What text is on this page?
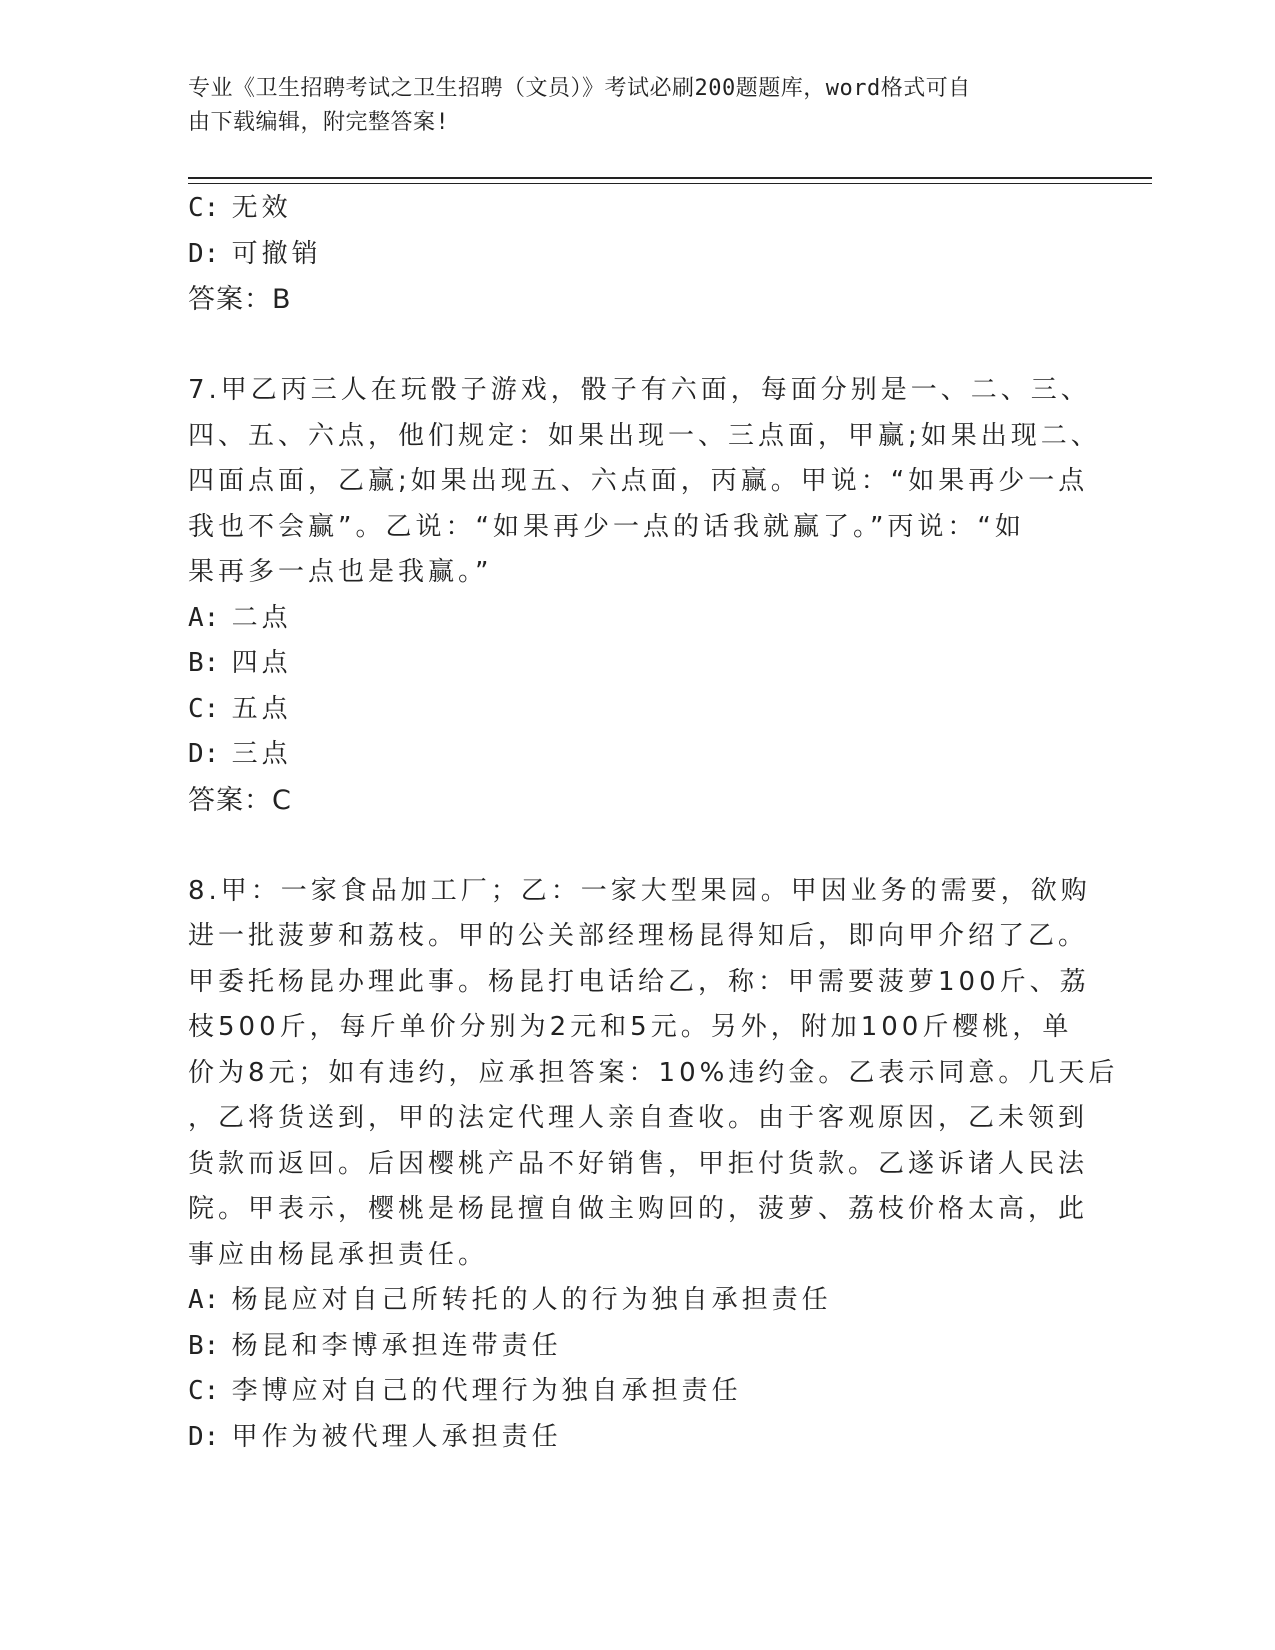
专业《卫生招聘考试之卫生招聘（文员）》考试必刷200题题库，word格式可自
由下载编辑，附完整答案!
C: 无效
D: 可撤销
答案：B
7.甲乙丙三人在玩骰子游戏，骰子有六面，每面分别是一、二、三、
四、五、六点，他们规定：如果出现一、三点面，甲赢;如果出现二、
四面点面，乙赢;如果出现五、六点面，丙赢。甲说：“如果再少一点
我也不会赢”。乙说：“如果再少一点的话我就赢了。”丙说：“如
果再多一点也是我赢。”
A: 二点
B: 四点
C: 五点
D: 三点
答案：C
8.甲：一家食品加工厂；乙：一家大型果园。甲因业务的需要，欲购
进一批菠萝和荔枝。甲的公关部经理杨昆得知后，即向甲介绍了乙。
甲委托杨昆办理此事。杨昆打电话给乙，称：甲需要菠萝100斤、荔
枝500斤，每斤单价分别为2元和5元。另外，附加100斤樱桃，单
价为8元；如有违约，应承担答案：10%违约金。乙表示同意。几天后
，乙将货送到，甲的法定代理人亲自查收。由于客观原因，乙未领到
货款而返回。后因樱桃产品不好销售，甲拒付货款。乙遂诉诸人民法
院。甲表示，樱桃是杨昆擅自做主购回的，菠萝、荔枝价格太高，此
事应由杨昆承担责任。
A: 杨昆应对自己所转托的人的行为独自承担责任
B: 杨昆和李博承担连带责任
C: 李博应对自己的代理行为独自承担责任
D: 甲作为被代理人承担责任
